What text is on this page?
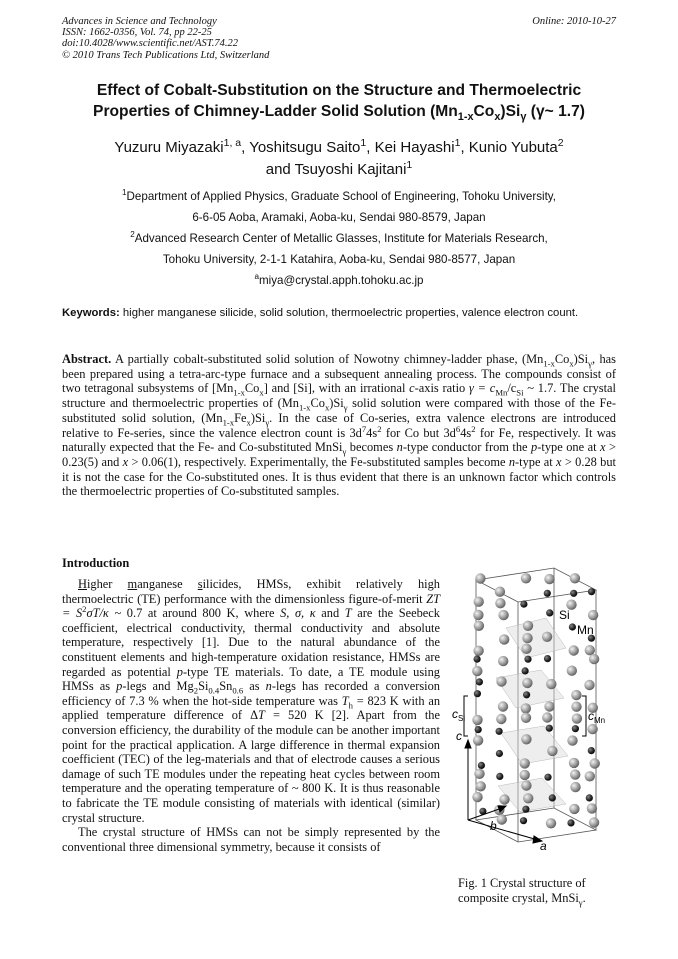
Advances in Science and Technology
ISSN: 1662-0356, Vol. 74, pp 22-25
doi:10.4028/www.scientific.net/AST.74.22
© 2010 Trans Tech Publications Ltd, Switzerland
Online: 2010-10-27
Effect of Cobalt-Substitution on the Structure and Thermoelectric
Properties of Chimney-Ladder Solid Solution $(Mn_{1-x}Co_x)Si_\gamma$ (γ~ 1.7)
Yuzuru Miyazaki$^{1, a}$, Yoshitsugu Saito$^1$, Kei Hayashi$^1$, Kunio Yubuta$^2$
and Tsuyoshi Kajitani$^1$
$^1$Department of Applied Physics, Graduate School of Engineering, Tohoku University,
6-6-05 Aoba, Aramaki, Aoba-ku, Sendai 980-8579, Japan
$^2$Advanced Research Center of Metallic Glasses, Institute for Materials Research,
Tohoku University, 2-1-1 Katahira, Aoba-ku, Sendai 980-8577, Japan
$^a$miya@crystal.apph.tohoku.ac.jp
Keywords: higher manganese silicide, solid solution, thermoelectric properties, valence electron count.
Abstract. A partially cobalt-substituted solid solution of Nowotny chimney-ladder phase, $(Mn_{1-x}Co_x)Si_\gamma$, has been prepared using a tetra-arc-type furnace and a subsequent annealing process. The compounds consist of two tetragonal subsystems of $[Mn_{1-x}Co_x]$ and [Si], with an irrational c-axis ratio $\gamma = c_{Mn}/c_{Si}$ ~ 1.7. The crystal structure and thermoelectric properties of $(Mn_{1-x}Co_x)Si_\gamma$ solid solution were compared with those of the Fe-substituted solid solution, $(Mn_{1-x}Fe_x)Si_\gamma$. In the case of Co-series, extra valence electrons are introduced relative to Fe-series, since the valence electron count is $3d^74s^2$ for Co but $3d^64s^2$ for Fe, respectively. It was naturally expected that the Fe- and Co-substituted MnSi$_\gamma$ becomes n-type conductor from the p-type one at x > 0.23(5) and x > 0.06(1), respectively. Experimentally, the Fe-substituted samples become n-type at x > 0.28 but it is not the case for the Co-substituted ones. It is thus evident that there is an unknown factor which controls the thermoelectric properties of Co-substituted samples.
Introduction

Higher manganese silicides, HMSs, exhibit relatively high thermoelectric (TE) performance with the dimensionless figure-of-merit ZT = $S^2\sigma T/\kappa$ ~ 0.7 at around 800 K, where S, σ, κ and T are the Seebeck coefficient, electrical conductivity, thermal conductivity and absolute temperature, respectively [1]. Due to the natural abundance of the constituent elements and high-temperature oxidation resistance, HMSs are regarded as potential p-type TE materials. To date, a TE module using HMSs as p-legs and $Mg_2Si_{0.4}Sn_{0.6}$ as n-legs has recorded a conversion efficiency of 7.3 % when the hot-side temperature was $T_h = 823$ K with an applied temperature difference of ΔT = 520 K [2]. Apart from the conversion efficiency, the durability of the module can be another important point for the practical application. A large difference in thermal expansion coefficient (TEC) of the leg-materials and that of electrode causes a serious damage of such TE modules under the repeating heat cycles between room temperature and the operating temperature of ~ 800 K. It is thus reasonable to fabricate the TE module consisting of materials with identical (similar) crystal structure.

The crystal structure of HMSs can not be simply represented by the conventional three dimensional symmetry, because it consists of

Si
Mn
$c_{Si}$	$c_{Mn}$
c
b
a
Fig. 1 Crystal structure of composite crystal, MnSi$_\gamma$.
